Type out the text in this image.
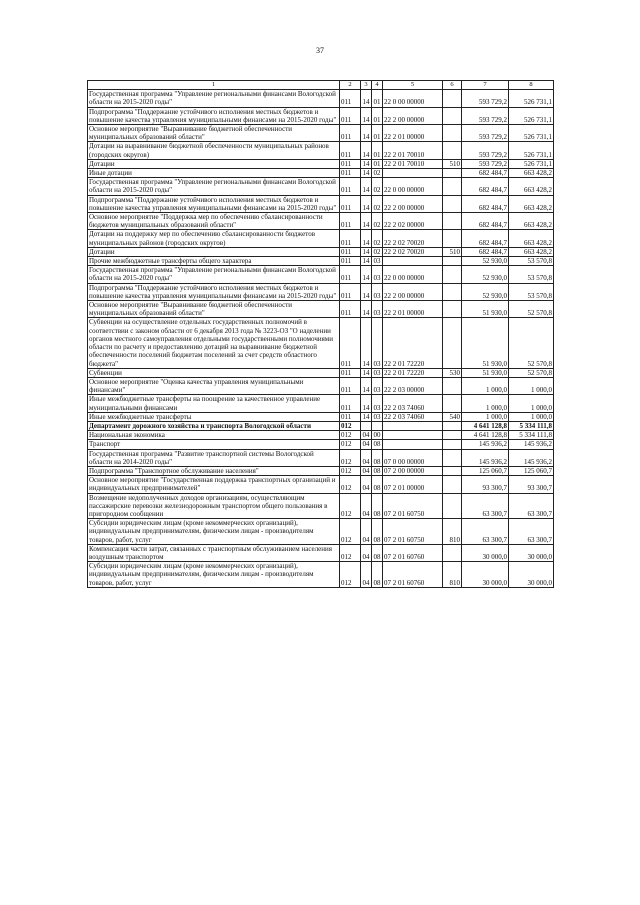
37
1	2	3	4	5	6	7	8
Государственная программа "Управление региональными финансами Вологодской области на 2015-2020 годы"	011	14	01	22 0 00 00000		593 729,2	526 731,1
Подпрограмма "Поддержание устойчивого исполнения местных бюджетов и повышение качества управления муниципальными финансами на 2015-2020 годы"	011	14	01	22 2 00 00000		593 729,2	526 731,1
Основное мероприятие "Выравнивание бюджетной обеспеченности муниципальных образований области"	011	14	01	22 2 01 00000		593 729,2	526 731,1
Дотации на выравнивание бюджетной обеспеченности муниципальных районов (городских округов)	011	14	01	22 2 01 70010		593 729,2	526 731,1
Дотации	011	14	01	22 2 01 70010	510	593 729,2	526 731,1
Иные дотации	011	14	02			682 484,7	663 428,2
Государственная программа "Управление региональными финансами Вологодской области на 2015-2020 годы"	011	14	02	22 0 00 00000		682 484,7	663 428,2
Подпрограмма "Поддержание устойчивого исполнения местных бюджетов и повышение качества управления муниципальными финансами на 2015-2020 годы"	011	14	02	22 2 00 00000		682 484,7	663 428,2
Основное мероприятие "Поддержка мер по обеспечению сбалансированности бюджетов муниципальных образований области"	011	14	02	22 2 02 00000		682 484,7	663 428,2
Дотации на поддержку мер по обеспечению сбалансированности бюджетов муниципальных районов (городских округов)	011	14	02	22 2 02 70020		682 484,7	663 428,2
Дотации	011	14	02	22 2 02 70020	510	682 484,7	663 428,2
Прочие межбюджетные трансферты общего характера	011	14	03			52 930,0	53 570,8
Государственная программа "Управление региональными финансами Вологодской области на 2015-2020 годы"	011	14	03	22 0 00 00000		52 930,0	53 570,8
Подпрограмма "Поддержание устойчивого исполнения местных бюджетов и повышение качества управления муниципальными финансами на 2015-2020 годы"	011	14	03	22 2 00 00000		52 930,0	53 570,8
Основное мероприятие "Выравнивание бюджетной обеспеченности муниципальных образований области"	011	14	03	22 2 01 00000		51 930,0	52 570,8
Субвенции на осуществление отдельных государственных полномочий в соответствии с законом области от 6 декабря 2013 года № 3223-ОЗ "О наделении органов местного самоуправления отдельными государственными полномочиями области по расчету и предоставлению дотаций на выравнивание бюджетной обеспеченности поселений бюджетам поселений за счет средств областного бюджета"	011	14	03	22 2 01 72220		51 930,0	52 570,8
Субвенции	011	14	03	22 2 01 72220	530	51 930,0	52 570,8
Основное мероприятие "Оценка качества управления муниципальными финансами"	011	14	03	22 2 03 00000		1 000,0	1 000,0
Иные межбюджетные трансферты на поощрение за качественное управление муниципальными финансами	011	14	03	22 2 03 74060		1 000,0	1 000,0
Иные межбюджетные трансферты	011	14	03	22 2 03 74060	540	1 000,0	1 000,0
Департамент дорожного хозяйства и транспорта Вологодской области	012					4 641 128,8	5 334 111,8
Национальная экономика	012	04	00			4 641 128,8	5 334 111,8
Транспорт	012	04	08			145 936,2	145 936,2
Государственная программа "Развитие транспортной системы Вологодской области на 2014-2020 годы"	012	04	08	07 0 00 00000		145 936,2	145 936,2
Подпрограмма "Транспортное обслуживание населения"	012	04	08	07 2 00 00000		125 060,7	125 060,7
Основное мероприятие "Государственная поддержка транспортных организаций и индивидуальных предпринимателей"	012	04	08	07 2 01 00000		93 300,7	93 300,7
Возмещение недополученных доходов организациям, осуществляющим пассажирские перевозки железнодорожным транспортом общего пользования в пригородном сообщении	012	04	08	07 2 01 60750		63 300,7	63 300,7
Субсидии юридическим лицам (кроме некоммерческих организаций), индивидуальным предпринимателям, физическим лицам - производителям товаров, работ, услуг	012	04	08	07 2 01 60750	810	63 300,7	63 300,7
Компенсация части затрат, связанных с транспортным обслуживанием населения воздушным транспортом	012	04	08	07 2 01 60760		30 000,0	30 000,0
Субсидии юридическим лицам (кроме некоммерческих организаций), индивидуальным предпринимателям, физическим лицам - производителям товаров, работ, услуг	012	04	08	07 2 01 60760	810	30 000,0	30 000,0
